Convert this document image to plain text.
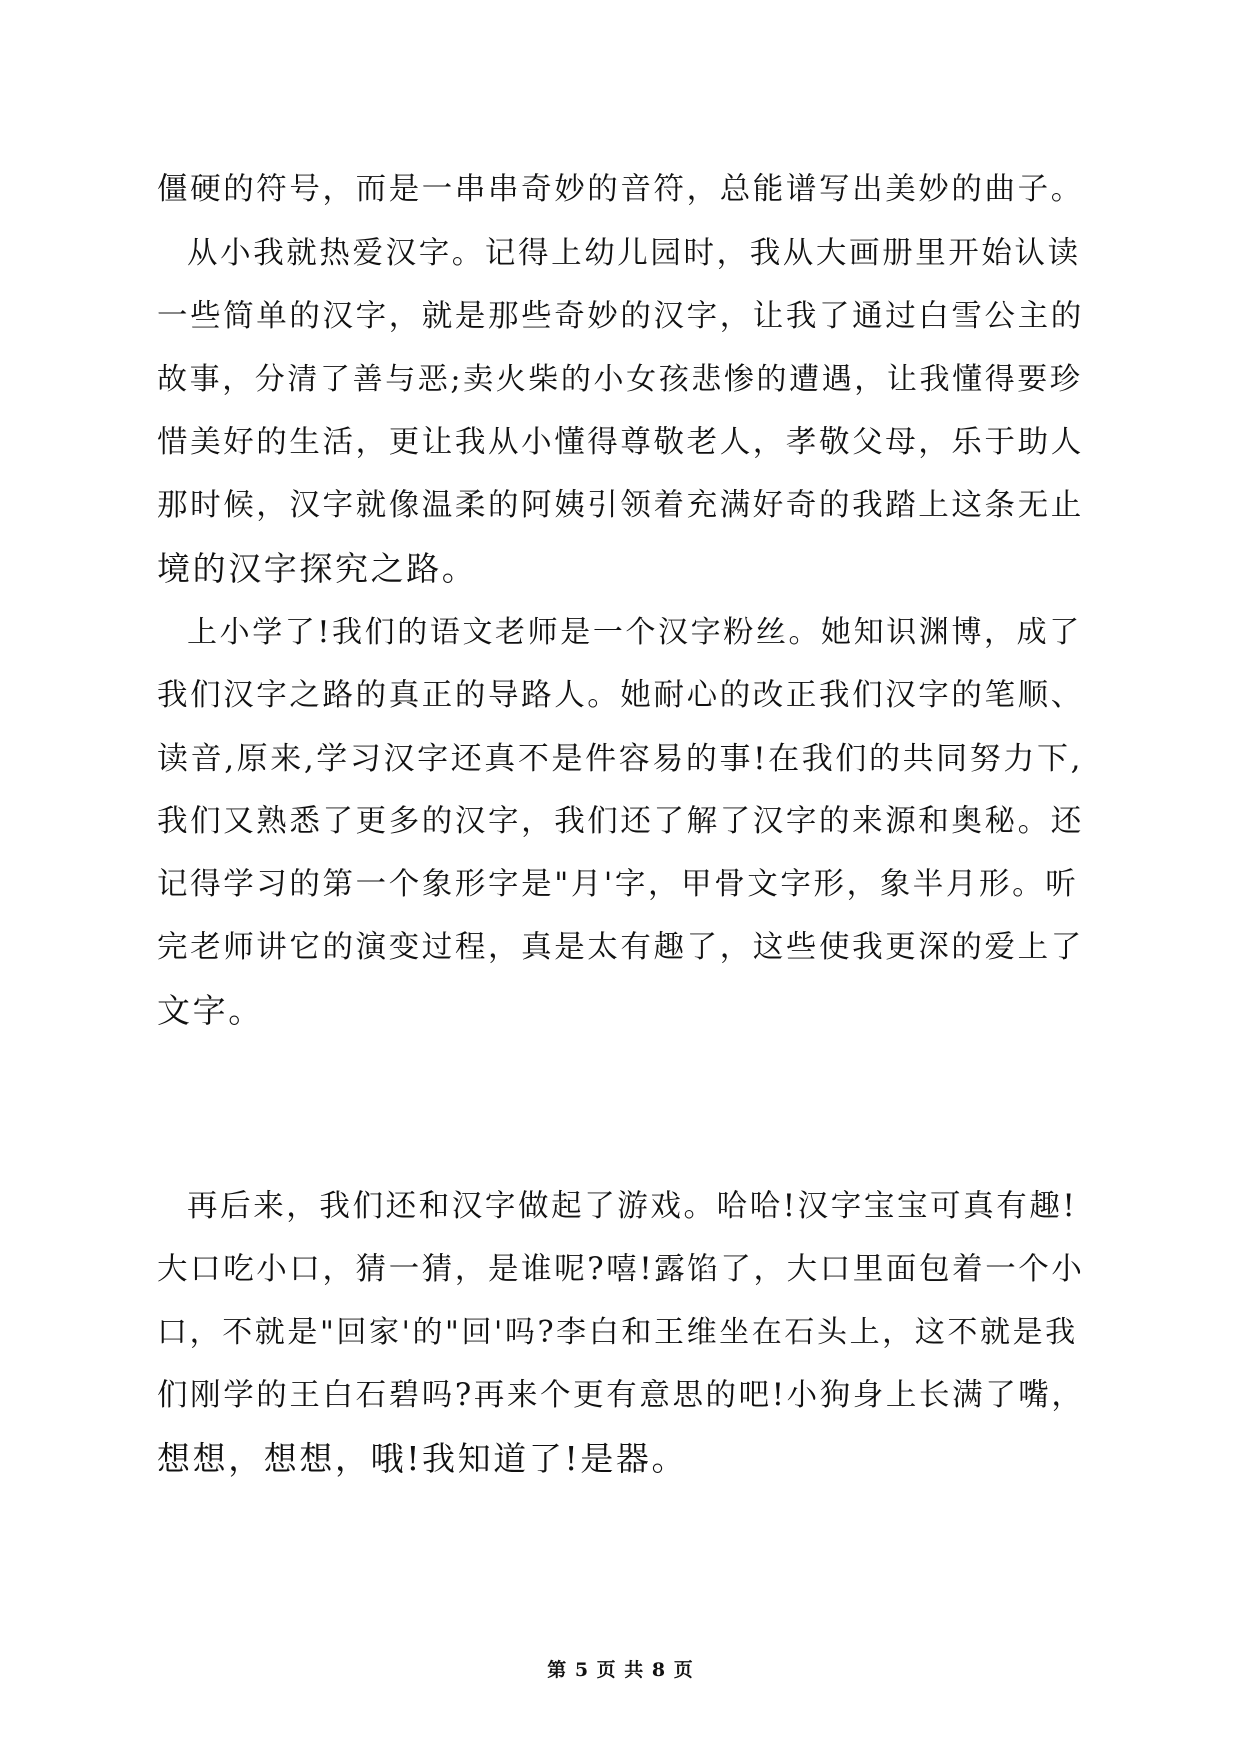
僵硬的符号，而是一串串奇妙的音符，总能谱写出美妙的曲子。
从小我就热爱汉字。记得上幼儿园时，我从大画册里开始认读
一些简单的汉字，就是那些奇妙的汉字，让我了通过白雪公主的
故事，分清了善与恶;卖火柴的小女孩悲惨的遭遇，让我懂得要珍
惜美好的生活，更让我从小懂得尊敬老人，孝敬父母，乐于助人
那时候，汉字就像温柔的阿姨引领着充满好奇的我踏上这条无止
境的汉字探究之路。
上小学了!我们的语文老师是一个汉字粉丝。她知识渊博，成了
我们汉字之路的真正的导路人。她耐心的改正我们汉字的笔顺、
读音,原来,学习汉字还真不是件容易的事!在我们的共同努力下,
我们又熟悉了更多的汉字，我们还了解了汉字的来源和奥秘。还
记得学习的第一个象形字是"月'字，甲骨文字形，象半月形。听
完老师讲它的演变过程，真是太有趣了，这些使我更深的爱上了
文字。
再后来，我们还和汉字做起了游戏。哈哈!汉字宝宝可真有趣!
大口吃小口，猜一猜，是谁呢?嘻!露馅了，大口里面包着一个小
口，不就是"回家'的"回'吗?李白和王维坐在石头上，这不就是我
们刚学的王白石碧吗?再来个更有意思的吧!小狗身上长满了嘴，
想想，想想，哦!我知道了!是器。
第 5 页 共 8 页
